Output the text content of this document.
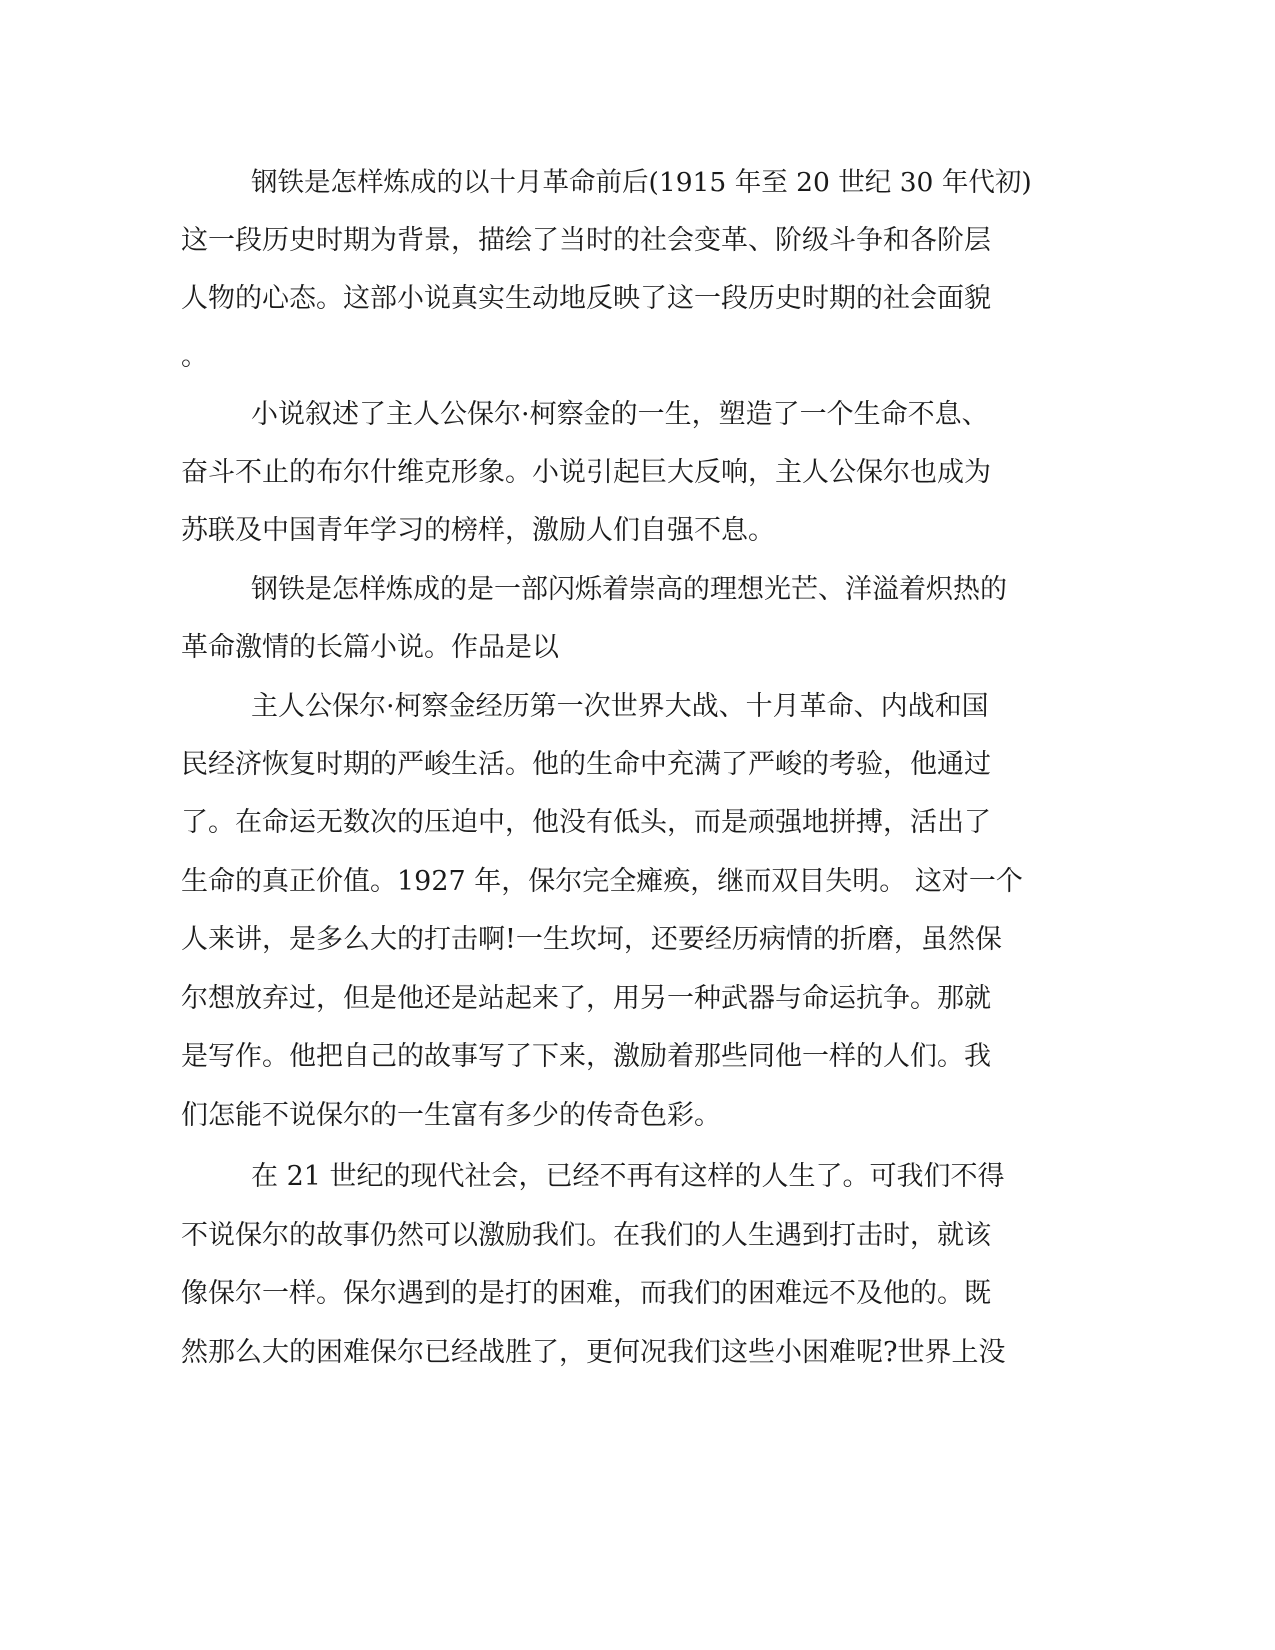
钢铁是怎样炼成的以十月革命前后(1915 年至 20 世纪 30 年代初)

这一段历史时期为背景，描绘了当时的社会变革、阶级斗争和各阶层

人物的心态。这部小说真实生动地反映了这一段历史时期的社会面貌

。

小说叙述了主人公保尔·柯察金的一生，塑造了一个生命不息、

奋斗不止的布尔什维克形象。小说引起巨大反响，主人公保尔也成为

苏联及中国青年学习的榜样，激励人们自强不息。

钢铁是怎样炼成的是一部闪烁着崇高的理想光芒、洋溢着炽热的

革命激情的长篇小说。作品是以

主人公保尔·柯察金经历第一次世界大战、十月革命、内战和国

民经济恢复时期的严峻生活。他的生命中充满了严峻的考验，他通过

了。在命运无数次的压迫中，他没有低头，而是顽强地拼搏，活出了

生命的真正价值。1927 年，保尔完全瘫痪，继而双目失明。 这对一个

人来讲，是多么大的打击啊!一生坎坷，还要经历病情的折磨，虽然保

尔想放弃过，但是他还是站起来了，用另一种武器与命运抗争。那就

是写作。他把自己的故事写了下来，激励着那些同他一样的人们。我

们怎能不说保尔的一生富有多少的传奇色彩。

在 21 世纪的现代社会，已经不再有这样的人生了。可我们不得

不说保尔的故事仍然可以激励我们。在我们的人生遇到打击时，就该

像保尔一样。保尔遇到的是打的困难，而我们的困难远不及他的。既

然那么大的困难保尔已经战胜了，更何况我们这些小困难呢?世界上没
